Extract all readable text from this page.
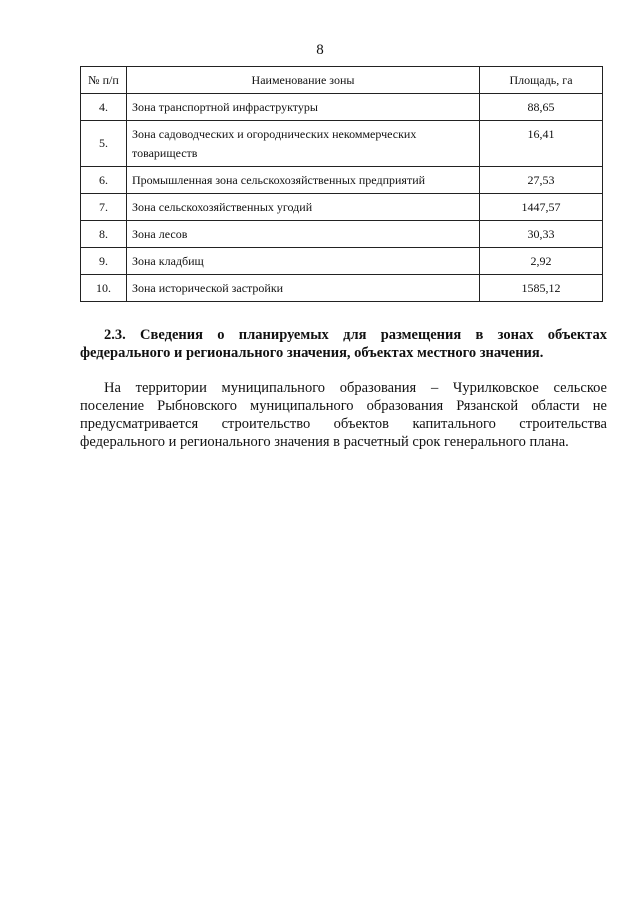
8
№ п/п	Наименование зоны	Площадь, га
4.	Зона транспортной инфраструктуры	88,65
5.	Зона садоводческих и огороднических некоммерческих товариществ	16,41
6.	Промышленная зона сельскохозяйственных предприятий	27,53
7.	Зона сельскохозяйственных угодий	1447,57
8.	Зона лесов	30,33
9.	Зона кладбищ	2,92
10.	Зона исторической застройки	1585,12
2.3. Сведения о планируемых для размещения в зонах объектах федерального и регионального значения, объектах местного значения.
На территории муниципального образования – Чурилковское сельское поселение Рыбновского муниципального образования Рязанской области не предусматривается строительство объектов капитального строительства федерального и регионального значения в расчетный срок генерального плана.
